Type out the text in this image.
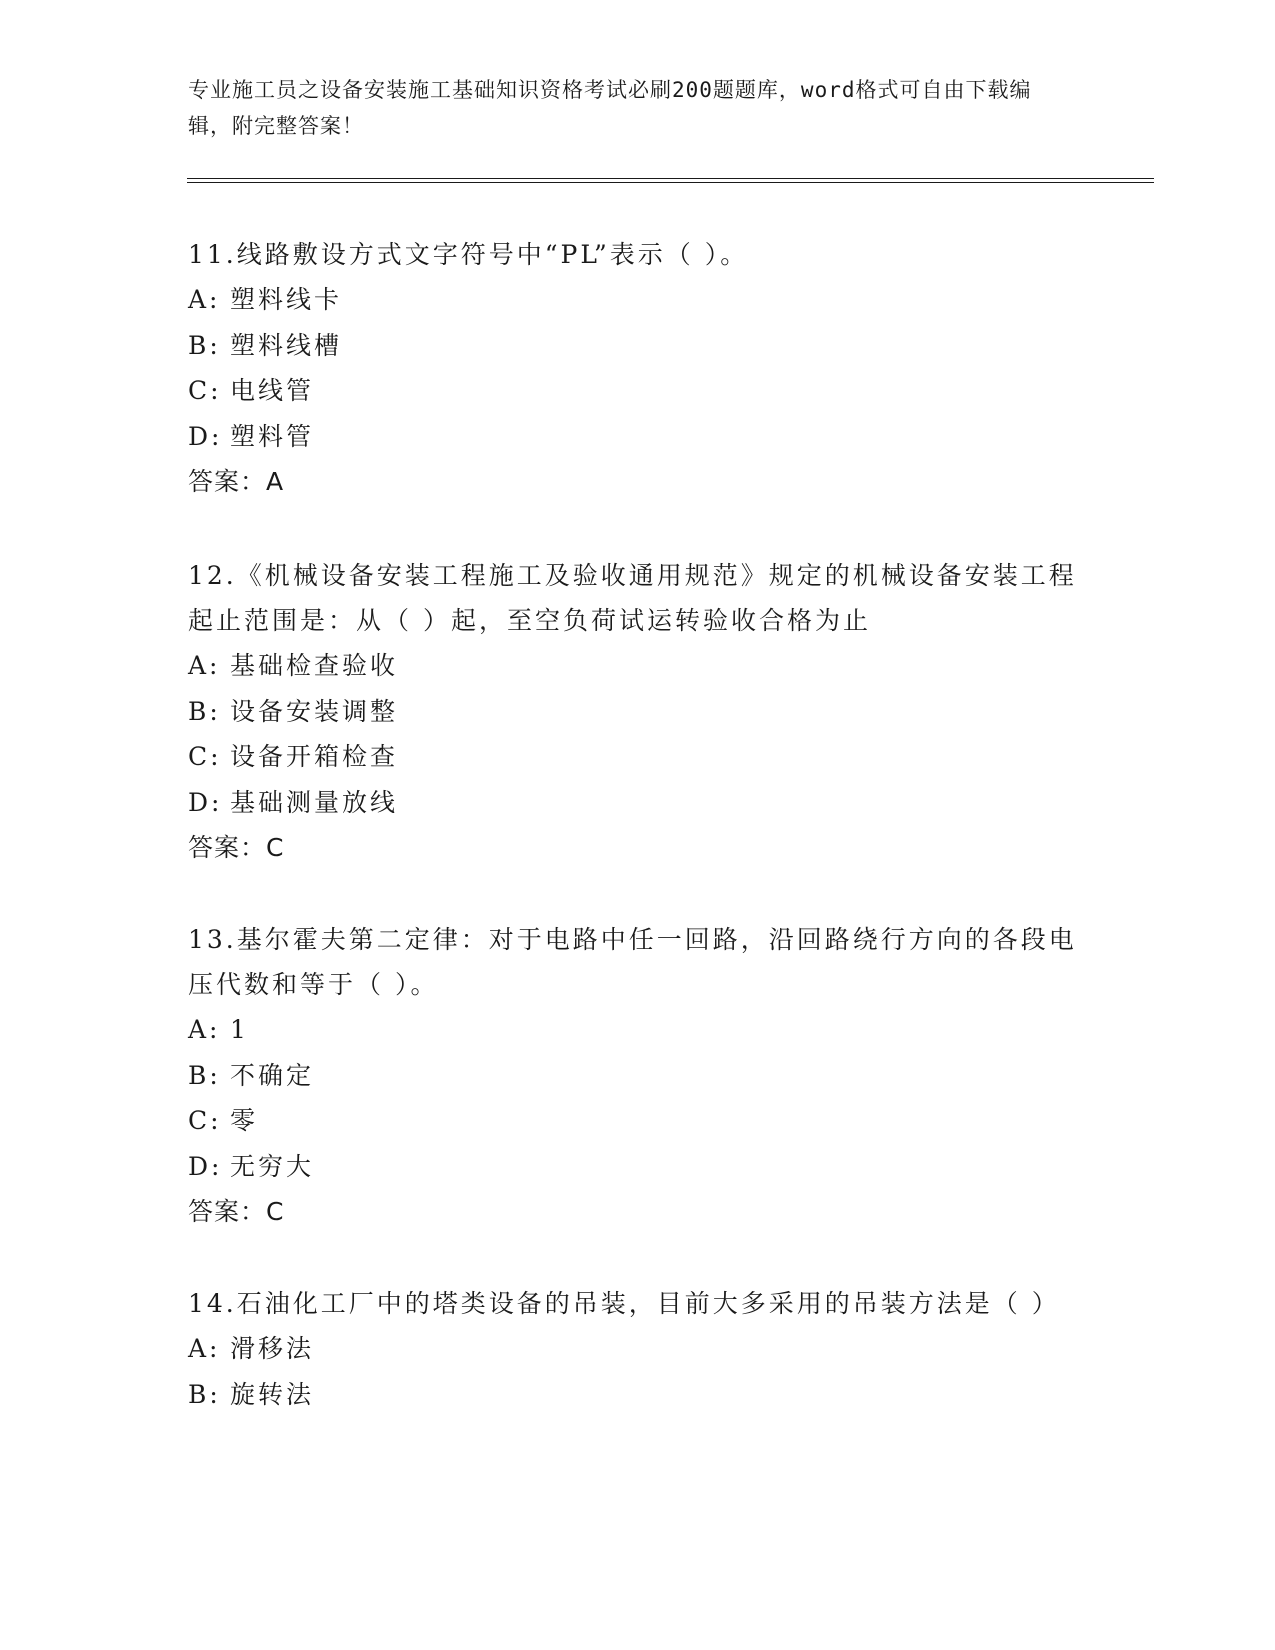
专业施工员之设备安装施工基础知识资格考试必刷200题题库，word格式可自由下载编辑，附完整答案！

11.线路敷设方式文字符号中“PL”表示（ ）。

A: 塑料线卡

B: 塑料线槽

C: 电线管

D: 塑料管

答案：A

12.《机械设备安装工程施工及验收通用规范》规定的机械设备安装工程起止范围是：从（ ）起，至空负荷试运转验收合格为止

A: 基础检查验收

B: 设备安装调整

C: 设备开箱检查

D: 基础测量放线

答案：C

13.基尔霍夫第二定律：对于电路中任一回路，沿回路绕行方向的各段电压代数和等于（ ）。

A: 1

B: 不确定

C: 零

D: 无穷大

答案：C

14.石油化工厂中的塔类设备的吊装，目前大多采用的吊装方法是（ ）

A: 滑移法

B: 旋转法
